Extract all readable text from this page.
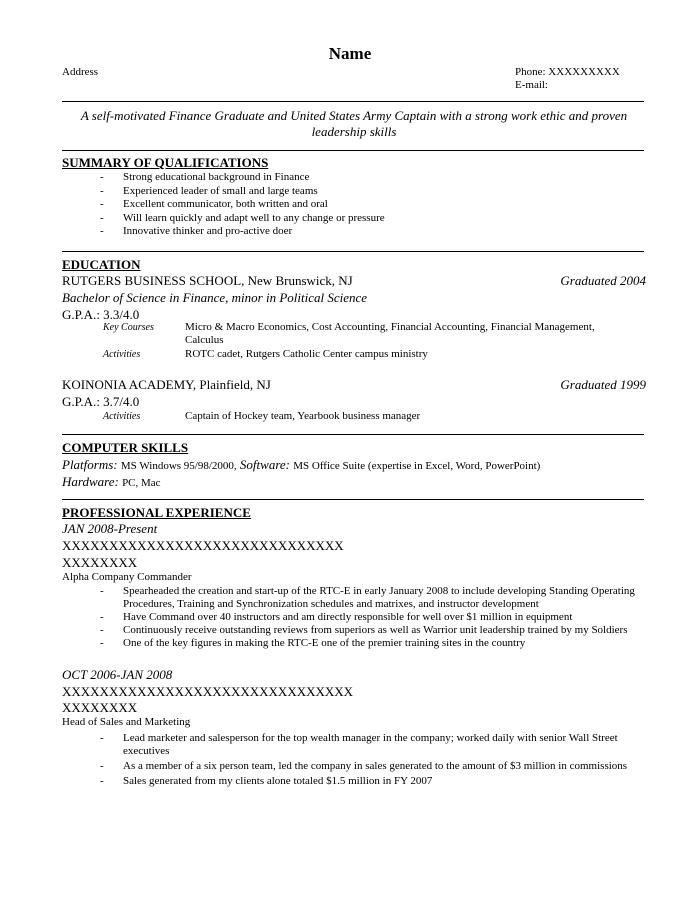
Name
Address	Phone: XXXXXXXXX
E-mail:
A self-motivated Finance Graduate and United States Army Captain with a strong work ethic and proven leadership skills
SUMMARY OF QUALIFICATIONS
- Strong educational background in Finance
- Experienced leader of small and large teams
- Excellent communicator, both written and oral
- Will learn quickly and adapt well to any change or pressure
- Innovative thinker and pro-active doer
EDUCATION
RUTGERS BUSINESS SCHOOL, New Brunswick, NJ	Graduated 2004
Bachelor of Science in Finance, minor in Political Science
G.P.A.: 3.3/4.0
Key Courses	Micro & Macro Economics, Cost Accounting, Financial Accounting, Financial Management, Calculus
Activities	ROTC cadet, Rutgers Catholic Center campus ministry
KOINONIA ACADEMY, Plainfield, NJ	Graduated 1999
G.P.A.: 3.7/4.0
Activities	Captain of Hockey team, Yearbook business manager
COMPUTER SKILLS
Platforms: MS Windows 95/98/2000, Software: MS Office Suite (expertise in Excel, Word, PowerPoint)
Hardware: PC, Mac
PROFESSIONAL EXPERIENCE
JAN 2008-Present
XXXXXXXXXXXXXXXXXXXXXXXXXXXXXX
XXXXXXXX
Alpha Company Commander
- Spearheaded the creation and start-up of the RTC-E in early January 2008 to include developing Standing Operating Procedures, Training and Synchronization schedules and matrixes, and instructor development
- Have Command over 40 instructors and am directly responsible for well over $1 million in equipment
- Continuously receive outstanding reviews from superiors as well as Warrior unit leadership trained by my Soldiers
- One of the key figures in making the RTC-E one of the premier training sites in the country
OCT 2006-JAN 2008
XXXXXXXXXXXXXXXXXXXXXXXXXXXXXXX
XXXXXXXX
Head of Sales and Marketing
- Lead marketer and salesperson for the top wealth manager in the company; worked daily with senior Wall Street executives
- As a member of a six person team, led the company in sales generated to the amount of $3 million in commissions
- Sales generated from my clients alone totaled $1.5 million in FY 2007
